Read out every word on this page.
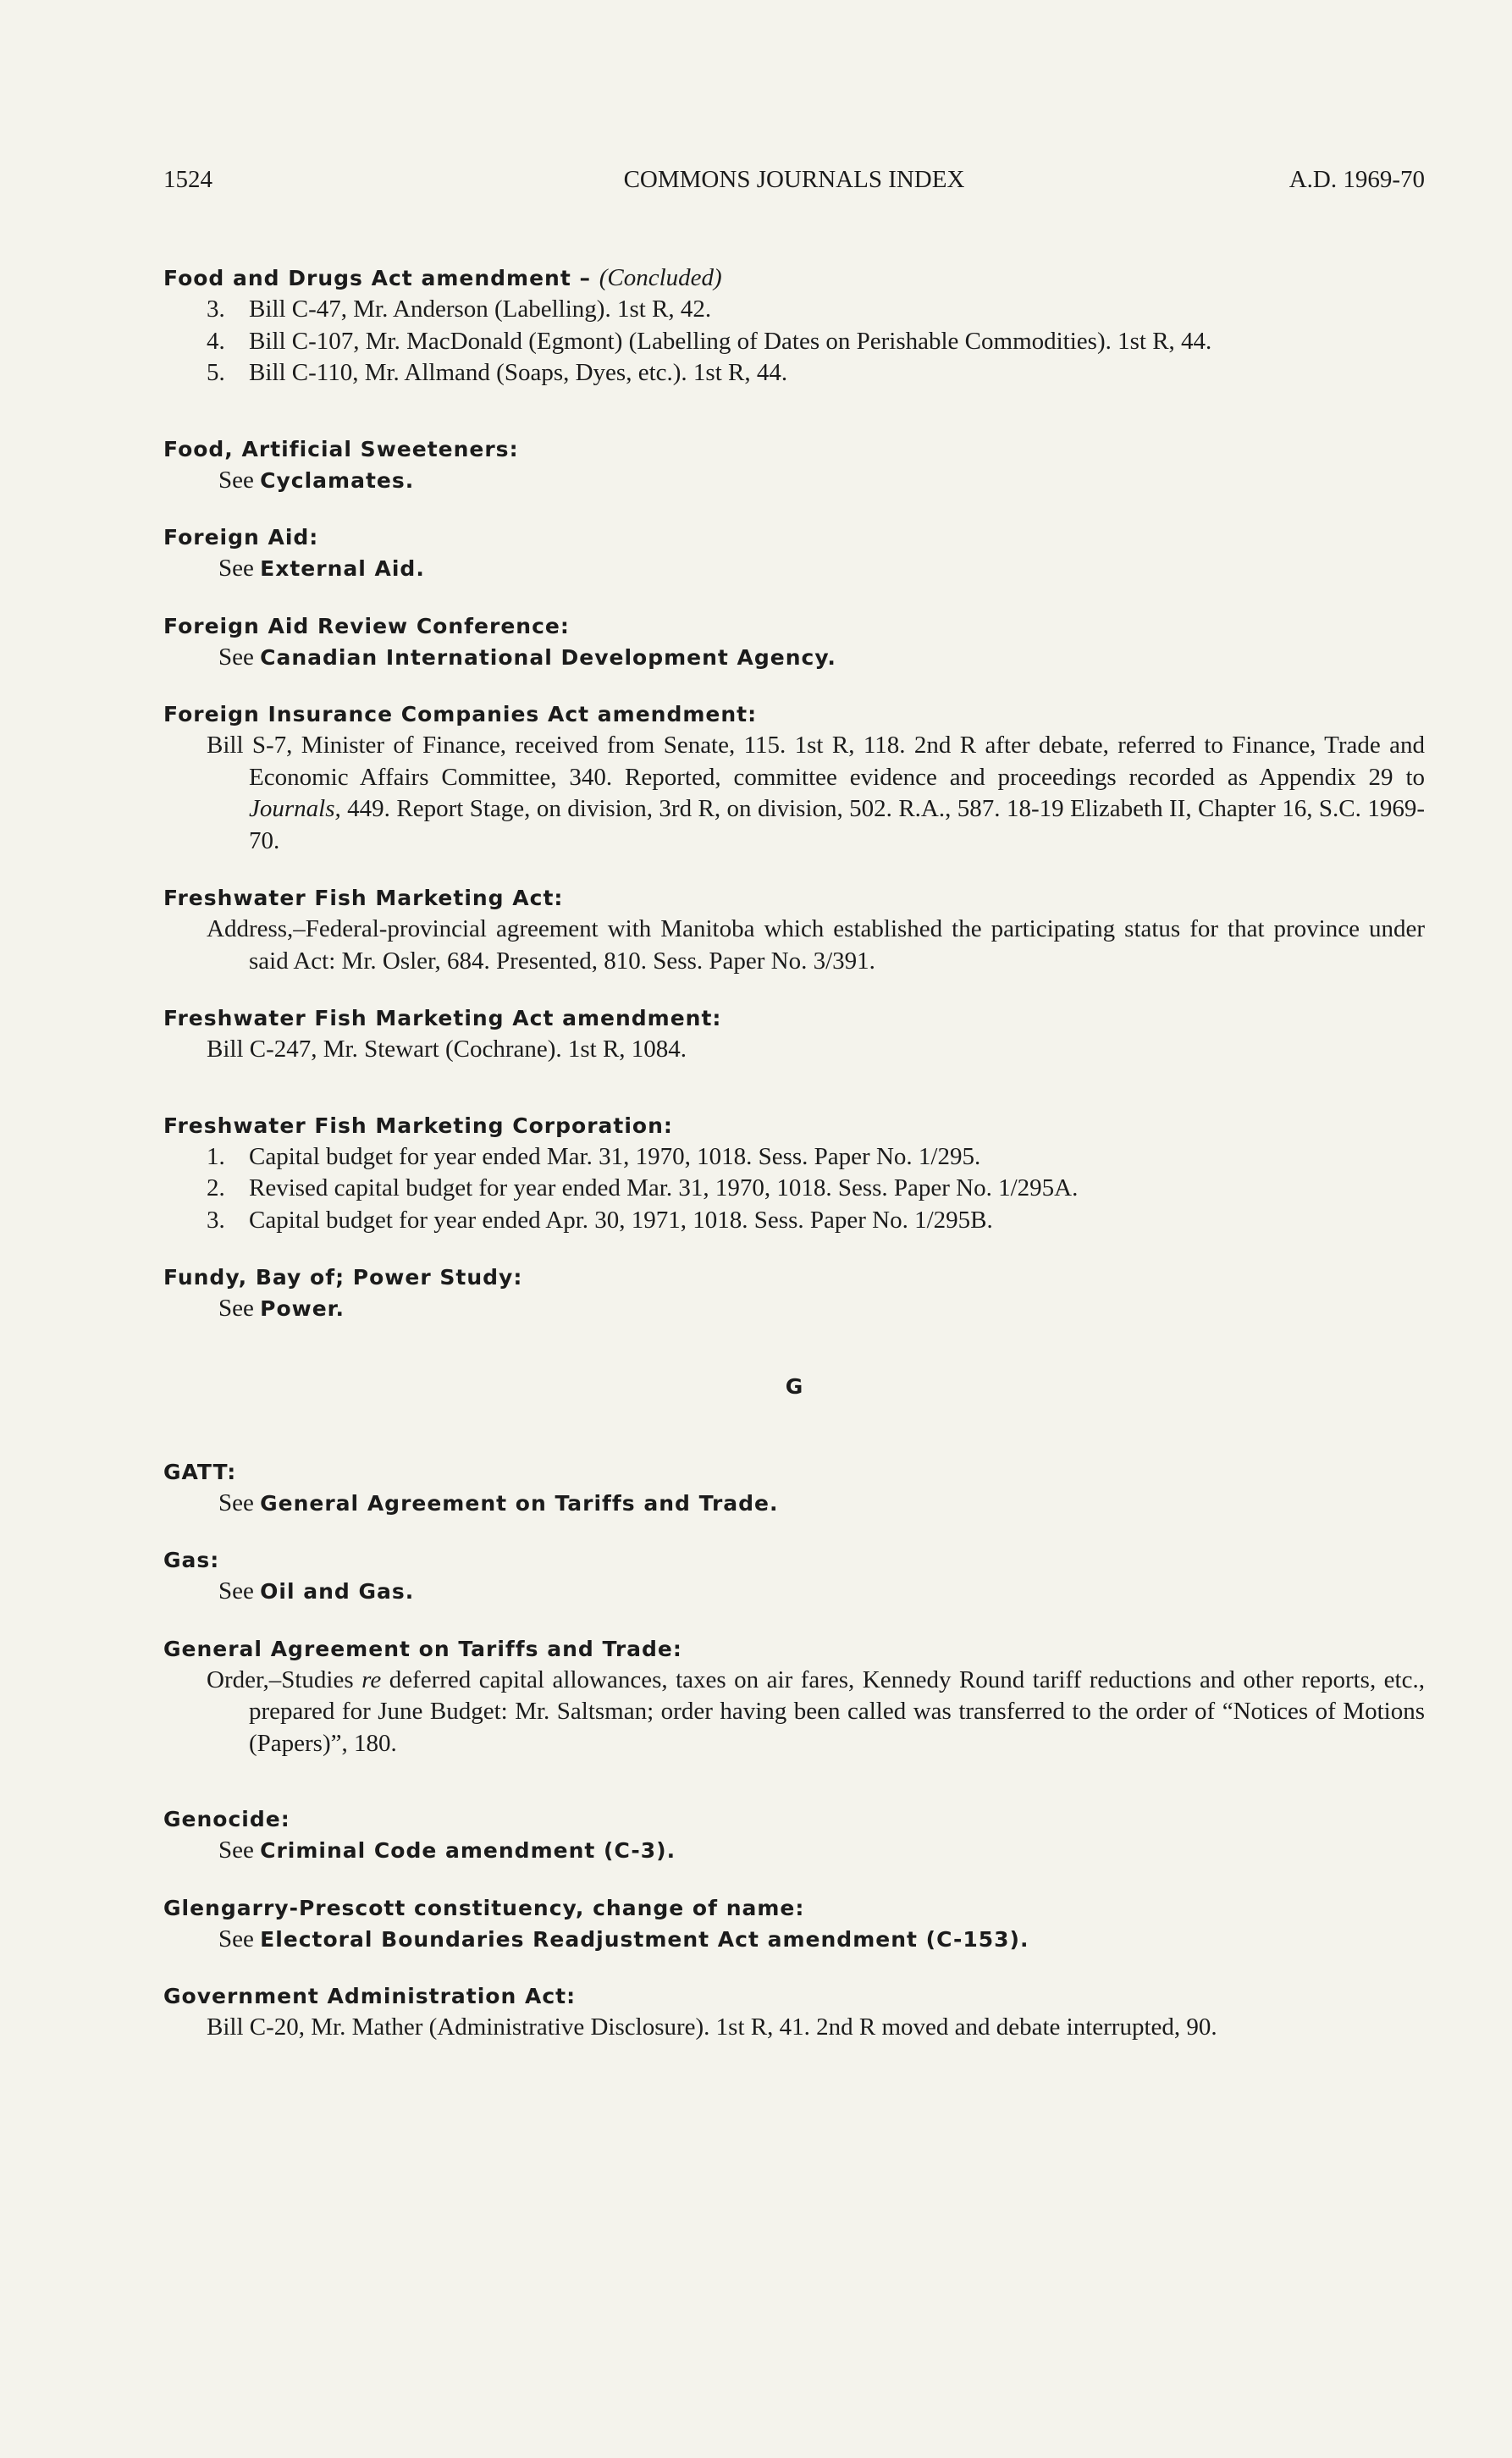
1524	COMMONS JOURNALS INDEX	A.D. 1969-70
Food and Drugs Act amendment – (Concluded)
3. Bill C-47, Mr. Anderson (Labelling). 1st R, 42.
4. Bill C-107, Mr. MacDonald (Egmont) (Labelling of Dates on Perishable Commodities). 1st R, 44.
5. Bill C-110, Mr. Allmand (Soaps, Dyes, etc.). 1st R, 44.
Food, Artificial Sweeteners:
See Cyclamates.
Foreign Aid:
See External Aid.
Foreign Aid Review Conference:
See Canadian International Development Agency.
Foreign Insurance Companies Act amendment:
Bill S-7, Minister of Finance, received from Senate, 115. 1st R, 118. 2nd R after debate, referred to Finance, Trade and Economic Affairs Committee, 340. Reported, committee evidence and proceedings recorded as Appendix 29 to Journals, 449. Report Stage, on division, 3rd R, on division, 502. R.A., 587. 18-19 Elizabeth II, Chapter 16, S.C. 1969-70.
Freshwater Fish Marketing Act:
Address,–Federal-provincial agreement with Manitoba which established the participating status for that province under said Act: Mr. Osler, 684. Presented, 810. Sess. Paper No. 3/391.
Freshwater Fish Marketing Act amendment:
Bill C-247, Mr. Stewart (Cochrane). 1st R, 1084.
Freshwater Fish Marketing Corporation:
1. Capital budget for year ended Mar. 31, 1970, 1018. Sess. Paper No. 1/295.
2. Revised capital budget for year ended Mar. 31, 1970, 1018. Sess. Paper No. 1/295A.
3. Capital budget for year ended Apr. 30, 1971, 1018. Sess. Paper No. 1/295B.
Fundy, Bay of; Power Study:
See Power.
G
GATT:
See General Agreement on Tariffs and Trade.
Gas:
See Oil and Gas.
General Agreement on Tariffs and Trade:
Order,–Studies re deferred capital allowances, taxes on air fares, Kennedy Round tariff reductions and other reports, etc., prepared for June Budget: Mr. Saltsman; order having been called was transferred to the order of “Notices of Motions (Papers)”, 180.
Genocide:
See Criminal Code amendment (C-3).
Glengarry-Prescott constituency, change of name:
See Electoral Boundaries Readjustment Act amendment (C-153).
Government Administration Act:
Bill C-20, Mr. Mather (Administrative Disclosure). 1st R, 41. 2nd R moved and debate interrupted, 90.
